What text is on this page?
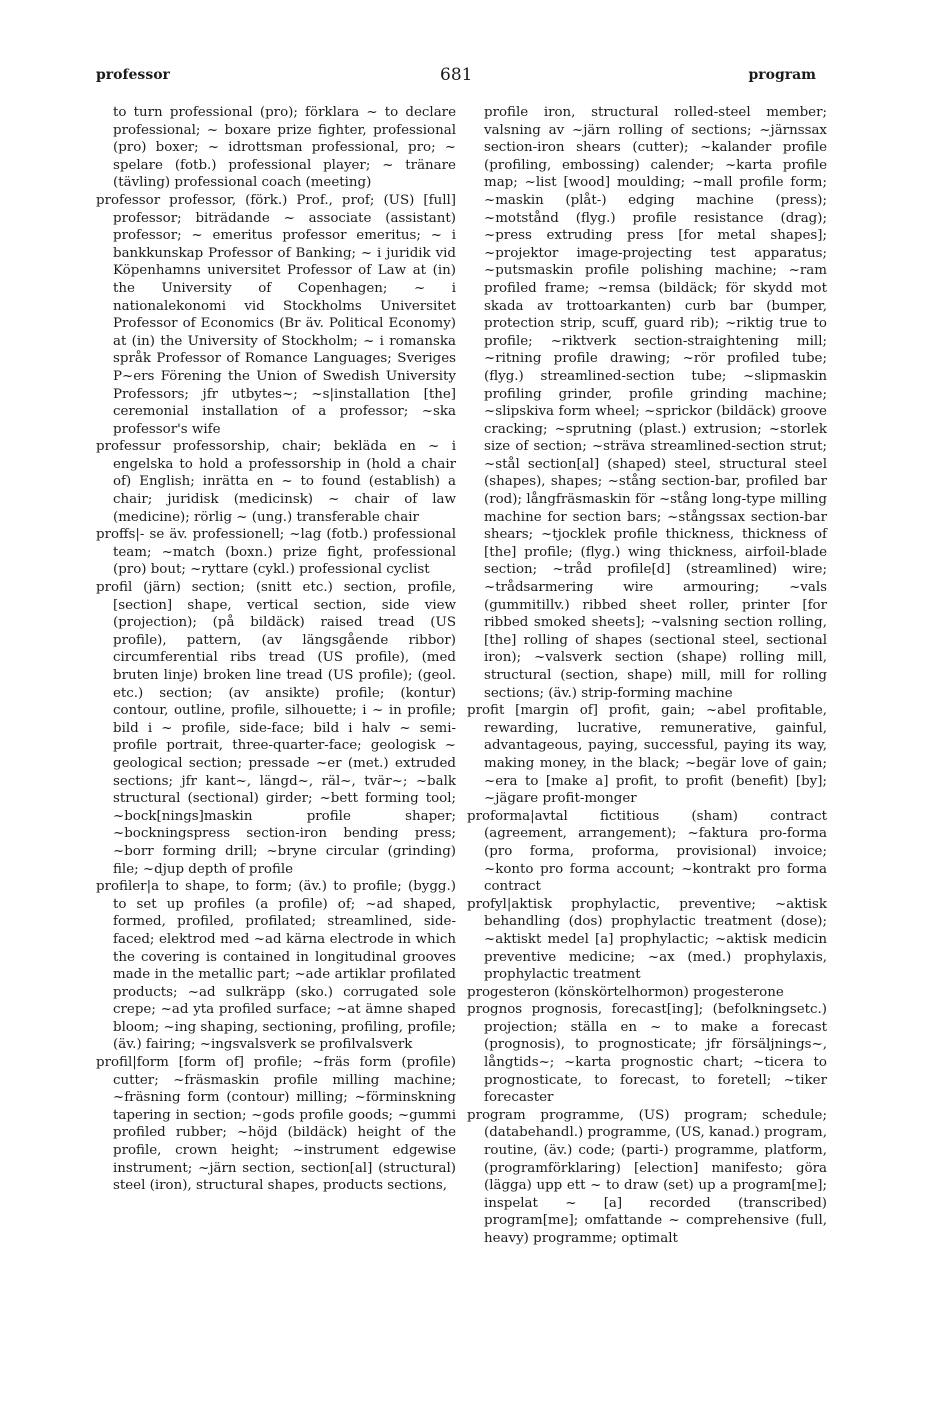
professor	681	program

to turn professional (pro); förklara ~ to declare professional; ~ boxare prize fighter, professional (pro) boxer; ~ idrottsman professional, pro; ~ spelare (fotb.) professional player; ~ tränare (tävling) professional coach (meeting)

professor professor, (förk.) Prof., prof; (US) [full] professor; biträdande ~ associate (assistant) professor; ~ emeritus professor emeritus; ~ i bankkunskap Professor of Banking; ~ i juridik vid Köpenhamns universitet Professor of Law at (in) the University of Copenhagen; ~ i nationalekonomi vid Stockholms Universitet Professor of Economics (Br äv. Political Economy) at (in) the University of Stockholm; ~ i romanska språk Professor of Romance Languages; Sveriges P~ers Förening the Union of Swedish University Professors; jfr utbytes~; ~s|installation [the] ceremonial installation of a professor; ~ska professor's wife

professur professorship, chair; bekläda en ~ i engelska to hold a professorship in (hold a chair of) English; inrätta en ~ to found (establish) a chair; juridisk (medicinsk) ~ chair of law (medicine); rörlig ~ (ung.) transferable chair

proffs|- se äv. professionell; ~lag (fotb.) professional team; ~match (boxn.) prize fight, professional (pro) bout; ~ryttare (cykl.) professional cyclist

profil (järn) section; (snitt etc.) section, profile, [section] shape, vertical section, side view (projection); (på bildäck) raised tread (US profile), pattern, (av längsgående ribbor) circumferential ribs tread (US profile), (med bruten linje) broken line tread (US profile); (geol. etc.) section; (av ansikte) profile; (kontur) contour, outline, profile, silhouette; i ~ in profile; bild i ~ profile, side-face; bild i halv ~ semi-profile portrait, three-quarter-face; geologisk ~ geological section; pressade ~er (met.) extruded sections; jfr kant~, längd~, räl~, tvär~; ~balk structural (sectional) girder; ~bett forming tool; ~bock[nings]maskin profile shaper; ~bockningspress section-iron bending press; ~borr forming drill; ~bryne circular (grinding) file; ~djup depth of profile

profiler|a to shape, to form; (äv.) to profile; (bygg.) to set up profiles (a profile) of; ~ad shaped, formed, profiled, profilated; streamlined, side-faced; elektrod med ~ad kärna electrode in which the covering is contained in longitudinal grooves made in the metallic part; ~ade artiklar profilated products; ~ad sulkräpp (sko.) corrugated sole crepe; ~ad yta profiled surface; ~at ämne shaped bloom; ~ing shaping, sectioning, profiling, profile; (äv.) fairing; ~ingsvalsverk se profilvalsverk

profil|form [form of] profile; ~fräs form (profile) cutter; ~fräsmaskin profile milling machine; ~fräsning form (contour) milling; ~förminskning tapering in section; ~gods profile goods; ~gummi profiled rubber; ~höjd (bildäck) height of the profile, crown height; ~instrument edgewise instrument; ~järn section, section[al] (structural) steel (iron), structural shapes, products sections,

profile iron, structural rolled-steel member; valsning av ~järn rolling of sections; ~järnssax section-iron shears (cutter); ~kalander profile (profiling, embossing) calender; ~karta profile map; ~list [wood] moulding; ~mall profile form; ~maskin (plåt-) edging machine (press); ~motstånd (flyg.) profile resistance (drag); ~press extruding press [for metal shapes]; ~projektor image-projecting test apparatus; ~putsmaskin profile polishing machine; ~ram profiled frame; ~remsa (bildäck; för skydd mot skada av trottoarkanten) curb bar (bumper, protection strip, scuff, guard rib); ~riktig true to profile; ~riktverk section-straightening mill; ~ritning profile drawing; ~rör profiled tube; (flyg.) streamlined-section tube; ~slipmaskin profiling grinder, profile grinding machine; ~slipskiva form wheel; ~sprickor (bildäck) groove cracking; ~sprutning (plast.) extrusion; ~storlek size of section; ~sträva streamlined-section strut; ~stål section[al] (shaped) steel, structural steel (shapes), shapes; ~stång section-bar, profiled bar (rod); långfräsmaskin för ~stång long-type milling machine for section bars; ~stångssax section-bar shears; ~tjocklek profile thickness, thickness of [the] profile; (flyg.) wing thickness, airfoil-blade section; ~tråd profile[d] (streamlined) wire; ~trådsarmering wire armouring; ~vals (gummitillv.) ribbed sheet roller, printer [for ribbed smoked sheets]; ~valsning section rolling, [the] rolling of shapes (sectional steel, sectional iron); ~valsverk section (shape) rolling mill, structural (section, shape) mill, mill for rolling sections; (äv.) strip-forming machine

profit [margin of] profit, gain; ~abel profitable, rewarding, lucrative, remunerative, gainful, advantageous, paying, successful, paying its way, making money, in the black; ~begär love of gain; ~era to [make a] profit, to profit (benefit) [by]; ~jägare profit-monger

proforma|avtal fictitious (sham) contract (agreement, arrangement); ~faktura pro-forma (pro forma, proforma, provisional) invoice; ~konto pro forma account; ~kontrakt pro forma contract

profyl|aktisk prophylactic, preventive; ~aktisk behandling (dos) prophylactic treatment (dose); ~aktiskt medel [a] prophylactic; ~aktisk medicin preventive medicine; ~ax (med.) prophylaxis, prophylactic treatment

progesteron (könskörtelhormon) progesterone

prognos prognosis, forecast[ing]; (befolkningsetc.) projection; ställa en ~ to make a forecast (prognosis), to prognosticate; jfr försäljnings~, långtids~; ~karta prognostic chart; ~ticera to prognosticate, to forecast, to foretell; ~tiker forecaster

program programme, (US) program; schedule; (databehandl.) programme, (US, kanad.) program, routine, (äv.) code; (parti-) programme, platform, (programförklaring) [election] manifesto; göra (lägga) upp ett ~ to draw (set) up a program[me]; inspelat ~ [a] recorded (transcribed) program[me]; omfattande ~ comprehensive (full, heavy) programme; optimalt
